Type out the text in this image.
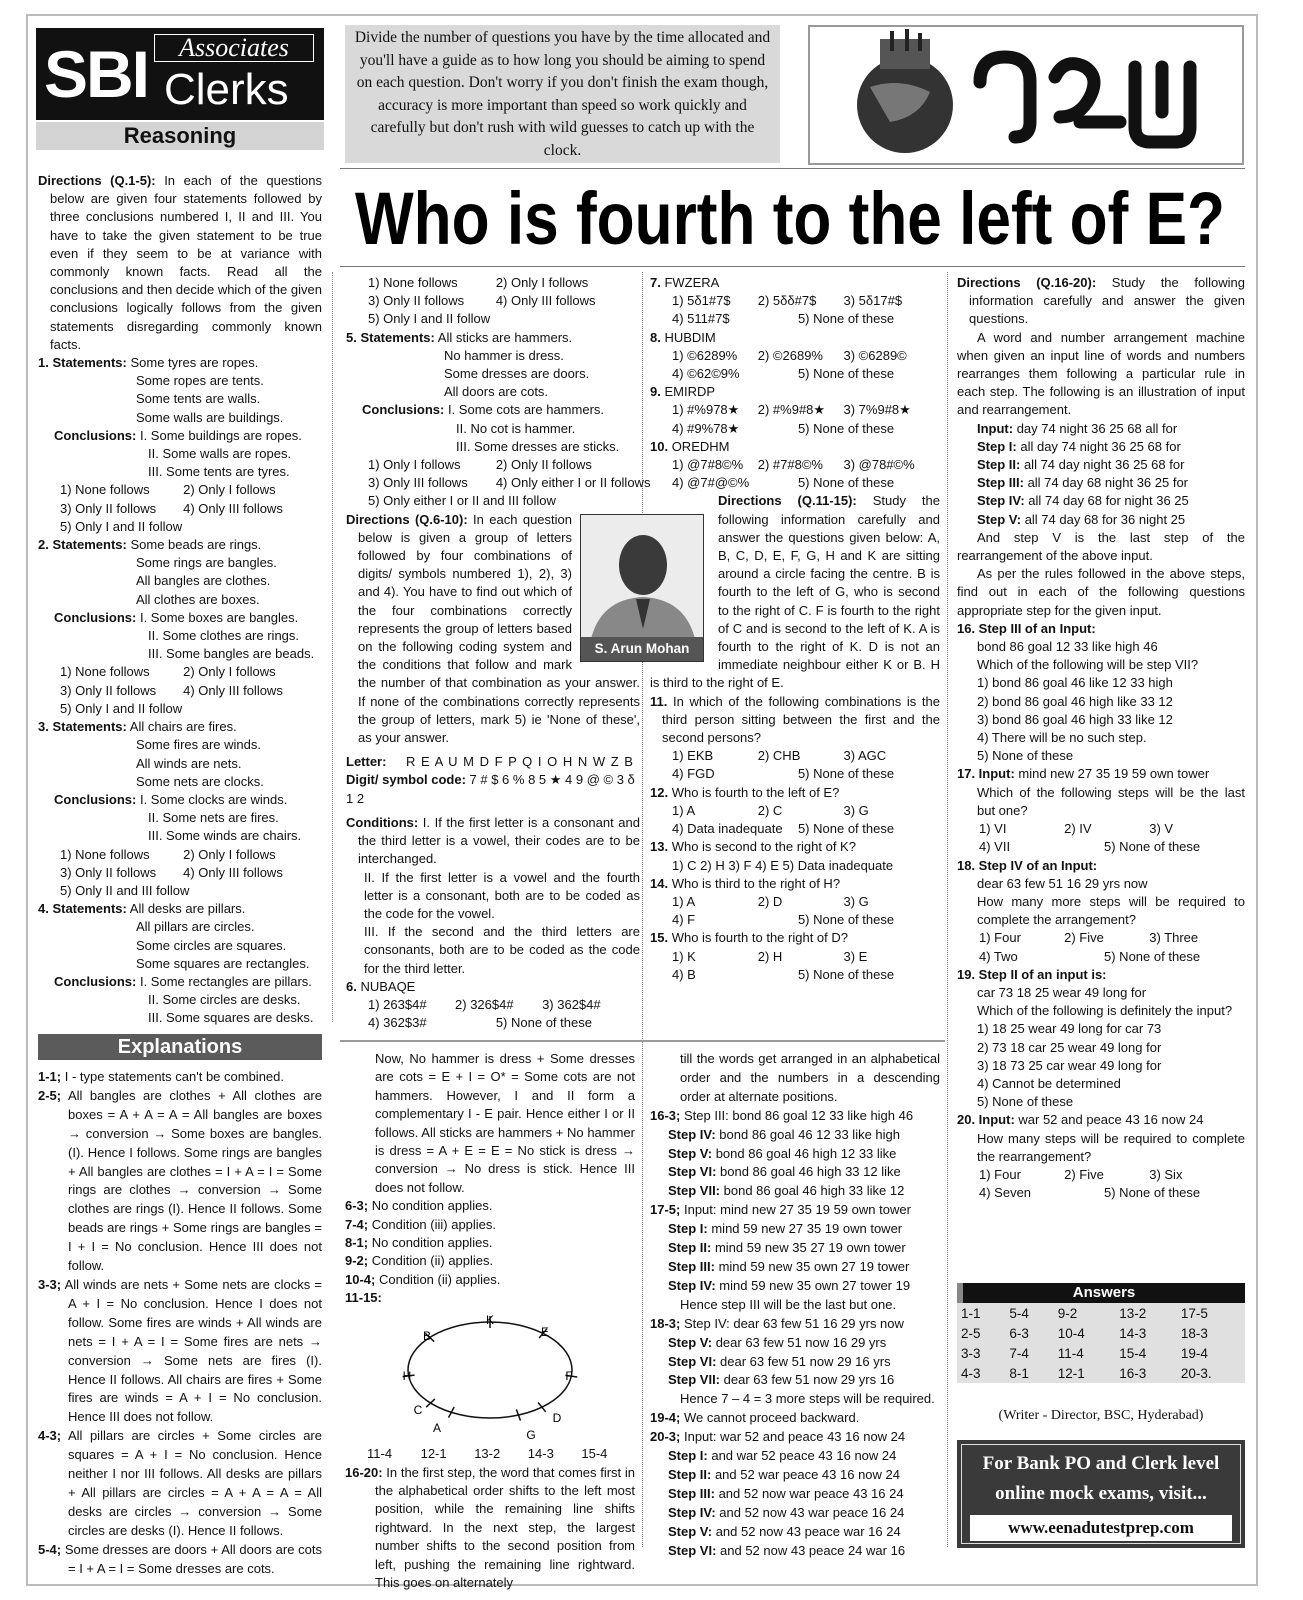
SBI	Associates
Clerks
Reasoning
Divide the number of questions you have by the time allocated and you'll have a guide as to how long you should be aiming to spend on each question. Don't worry if you don't finish the exam though, accuracy is more important than speed so work quickly and carefully but don't rush with wild guesses to catch up with the clock.
Who is fourth to the left of E?
Directions (Q.1-5): In each of the questions below are given four statements followed by three conclusions numbered I, II and III. You have to take the given statement to be true even if they seem to be at variance with commonly known facts. Read all the conclusions and then decide which of the given conclusions logically follows from the given statements disregarding commonly known facts.
1. Statements: Some tyres are ropes.
Some ropes are tents.
Some tents are walls.
Some walls are buildings.
Conclusions: I. Some buildings are ropes.
II. Some walls are ropes.
III. Some tents are tyres.
1) None follows	2) Only I follows
3) Only II follows 4) Only III follows
5) Only I and II follow
2. Statements: Some beads are rings.
Some rings are bangles.
All bangles are clothes.
All clothes are boxes.
Conclusions: I. Some boxes are bangles.
II. Some clothes are rings.
III. Some bangles are beads.
1) None follows	2) Only I follows
3) Only II follows 4) Only III follows
5) Only I and II follow
3. Statements: All chairs are fires.
Some fires are winds.
All winds are nets.
Some nets are clocks.
Conclusions: I. Some clocks are winds.
II. Some nets are fires.
III. Some winds are chairs.
1) None follows	2) Only I follows
3) Only II follows 4) Only III follows
5) Only II and III follow
4. Statements: All desks are pillars.
All pillars are circles.
Some circles are squares.
Some squares are rectangles.
Conclusions: I. Some rectangles are pillars.
II. Some circles are desks.
III. Some squares are desks.
1) None follows	2) Only I follows
3) Only II follows 4) Only III follows
5) Only I and II follow
5. Statements: All sticks are hammers.
No hammer is dress.
Some dresses are doors.
All doors are cots.
Conclusions: I. Some cots are hammers.
II. No cot is hammer.
III. Some dresses are sticks.
1) Only I follows	2) Only II follows
3) Only III follows 4) Only either I or II follows
5) Only either I or II and III follow
Directions (Q.6-10): In each question below is given a group of letters followed by four combinations of digits/ symbols numbered 1), 2), 3) and 4). You have to find out which of the four combinations correctly represents the group of letters based on the following coding system and the conditions that follow and mark the number of that combination as your answer. If none of the combinations correctly represents the group of letters, mark 5) ie 'None of these', as your answer.
Letter: R E A U M D F P Q I O H N W Z B
Digit/ symbol code: 7 # $ 6 % 8 5 ★ 4 9 @ © 3 δ 1 2
Conditions: I. If the first letter is a consonant and the third letter is a vowel, their codes are to be interchanged.
II. If the first letter is a vowel and the fourth letter is a consonant, both are to be coded as the code for the vowel.
III. If the second and the third letters are consonants, both are to be coded as the code for the third letter.
6. NUBAQE
1) 263$4# 2) 326$4# 3) 362$4#
4) 362$3#	5) None of these
S. Arun Mohan
7. FWZERA
1) 5δ1#7$ 2) 5δδ#7$ 3) 5δ17#$
4) 511#7$	5) None of these
8. HUBDIM
1) ©6289% 2) ©2689% 3) ©6289©
4) ©62©9%	5) None of these
9. EMIRDP
1) #%978★ 2) #%9#8★ 3) 7%9#8★
4) #9%78★	5) None of these
10. OREDHM
1) @7#8©% 2) #7#8©% 3) @78#©%
4) @7#@©%	5) None of these
Directions (Q.11-15): Study the following information carefully and answer the questions given below: A, B, C, D, E, F, G, H and K are sitting around a circle facing the centre. B is fourth to the left of G, who is second to the right of C. F is fourth to the right of C and is second to the left of K. A is fourth to the right of K. D is not an immediate neighbour either K or B. H is third to the right of E.
11. In which of the following combinations is the third person sitting between the first and the second persons?
1) EKB	2) CHB	3) AGC
4) FGD	5) None of these
12. Who is fourth to the left of E?
1) A	2) C	3) G
4) Data inadequate 5) None of these
13. Who is second to the right of K?
1) C 2) H 3) F 4) E 5) Data inadequate
14. Who is third to the right of H?
1) A	2) D	3) G
4) F	5) None of these
15. Who is fourth to the right of D?
1) K	2) H	3) E
4) B	5) None of these
Directions (Q.16-20): Study the following information carefully and answer the given questions.
A word and number arrangement machine when given an input line of words and numbers rearranges them following a particular rule in each step. The following is an illustration of input and rearrangement.
Input: day 74 night 36 25 68 all for
Step I: all day 74 night 36 25 68 for
Step II: all 74 day night 36 25 68 for
Step III: all 74 day 68 night 36 25 for
Step IV: all 74 day 68 for night 36 25
Step V: all 74 day 68 for 36 night 25
And step V is the last step of the rearrangement of the above input.
As per the rules followed in the above steps, find out in each of the following questions appropriate step for the given input.
16. Step III of an Input:
bond 86 goal 12 33 like high 46
Which of the following will be step VII?
1) bond 86 goal 46 like 12 33 high
2) bond 86 goal 46 high like 33 12
3) bond 86 goal 46 high 33 like 12
4) There will be no such step.
5) None of these
17. Input: mind new 27 35 19 59 own tower
Which of the following steps will be the last but one?
1) VI	2) IV	3) V
4) VII	5) None of these
18. Step IV of an Input:
dear 63 few 51 16 29 yrs now
How many more steps will be required to complete the arrangement?
1) Four	2) Five	3) Three
4) Two	5) None of these
19. Step II of an input is:
car 73 18 25 wear 49 long for
Which of the following is definitely the input?
1) 18 25 wear 49 long for car 73
2) 73 18 car 25 wear 49 long for
3) 18 73 25 car wear 49 long for
4) Cannot be determined
5) None of these
20. Input: war 52 and peace 43 16 now 24
How many steps will be required to complete the rearrangement?
1) Four	2) Five	3) Six
4) Seven	5) None of these
Answers
1-1	5-4	9-2	13-2	17-5
2-5	6-3	10-4	14-3	18-3
3-3	7-4	11-4	15-4	19-4
4-3	8-1	12-1	16-3	20-3.
(Writer - Director, BSC, Hyderabad)
For Bank PO and Clerk level
online mock exams, visit...
www.eenadutestprep.com
Explanations
1-1; I - type statements can't be combined.
2-5; All bangles are clothes + All clothes are boxes = A + A = A = All bangles are boxes → conversion → Some boxes are bangles. (I). Hence I follows. Some rings are bangles + All bangles are clothes = I + A = I = Some rings are clothes → conversion → Some clothes are rings (I). Hence II follows. Some beads are rings + Some rings are bangles = I + I = No conclusion. Hence III does not follow.
3-3; All winds are nets + Some nets are clocks = A + I = No conclusion. Hence I does not follow. Some fires are winds + All winds are nets = I + A = I = Some fires are nets → conversion → Some nets are fires (I). Hence II follows. All chairs are fires + Some fires are winds = A + I = No conclusion. Hence III does not follow.
4-3; All pillars are circles + Some circles are squares = A + I = No conclusion. Hence neither I nor III follows. All desks are pillars + All pillars are circles = A + A = A = All desks are circles → conversion → Some circles are desks (I). Hence II follows.
5-4; Some dresses are doors + All doors are cots = I + A = I = Some dresses are cots.
Now, No hammer is dress + Some dresses are cots = E + I = O* = Some cots are not hammers. However, I and II form a complementary I - E pair. Hence either I or II follows. All sticks are hammers + No hammer is dress = A + E = E = No stick is dress → conversion → No dress is stick. Hence III does not follow.
6-3; No condition applies.
7-4; Condition (iii) applies.
8-1; No condition applies.
9-2; Condition (ii) applies.
10-4; Condition (ii) applies.
11-15:
K
E
F
D
G
A
C
H
B
11-4 12-1 13-2 14-3 15-4
16-20: In the first step, the word that comes first in the alphabetical order shifts to the left most position, while the remaining line shifts rightward. In the next step, the largest number shifts to the second position from left, pushing the remaining line rightward. This goes on alternately
till the words get arranged in an alphabetical order and the numbers in a descending order at alternate positions.
16-3; Step III: bond 86 goal 12 33 like high 46
Step IV: bond 86 goal 46 12 33 like high
Step V: bond 86 goal 46 high 12 33 like
Step VI: bond 86 goal 46 high 33 12 like
Step VII: bond 86 goal 46 high 33 like 12
17-5; Input: mind new 27 35 19 59 own tower
Step I: mind 59 new 27 35 19 own tower
Step II: mind 59 new 35 27 19 own tower
Step III: mind 59 new 35 own 27 19 tower
Step IV: mind 59 new 35 own 27 tower 19
Hence step III will be the last but one.
18-3; Step IV: dear 63 few 51 16 29 yrs now
Step V: dear 63 few 51 now 16 29 yrs
Step VI: dear 63 few 51 now 29 16 yrs
Step VII: dear 63 few 51 now 29 yrs 16
Hence 7 – 4 = 3 more steps will be required.
19-4; We cannot proceed backward.
20-3; Input: war 52 and peace 43 16 now 24
Step I: and war 52 peace 43 16 now 24
Step II: and 52 war peace 43 16 now 24
Step III: and 52 now war peace 43 16 24
Step IV: and 52 now 43 war peace 16 24
Step V: and 52 now 43 peace war 16 24
Step VI: and 52 now 43 peace 24 war 16
